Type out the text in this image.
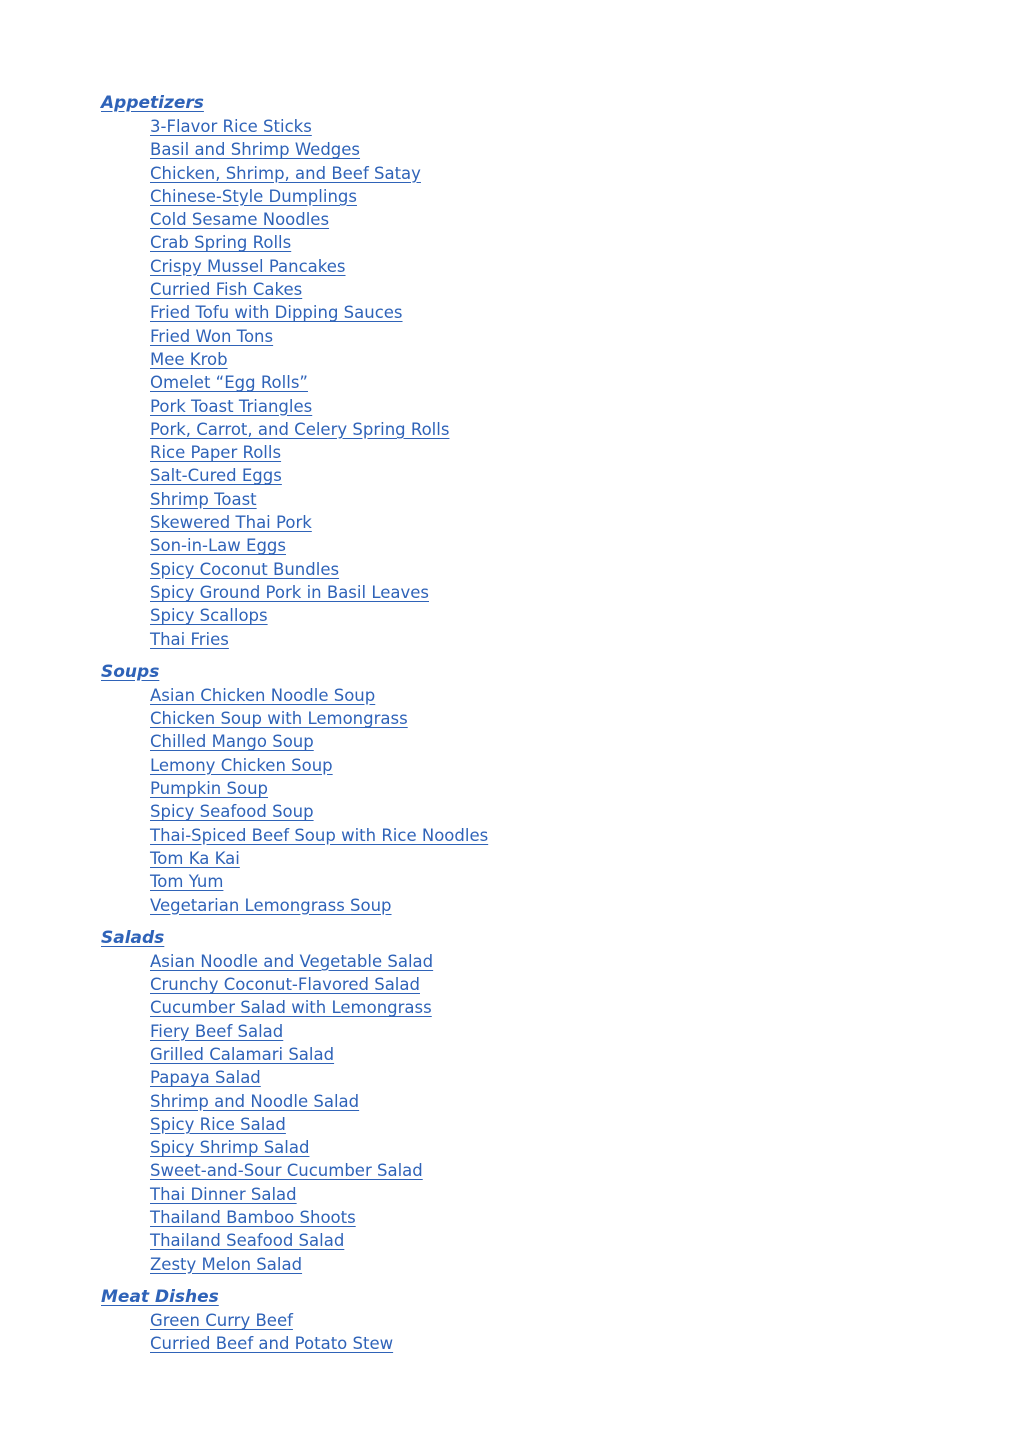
Appetizers
3-Flavor Rice Sticks
Basil and Shrimp Wedges
Chicken, Shrimp, and Beef Satay
Chinese-Style Dumplings
Cold Sesame Noodles
Crab Spring Rolls
Crispy Mussel Pancakes
Curried Fish Cakes
Fried Tofu with Dipping Sauces
Fried Won Tons
Mee Krob
Omelet “Egg Rolls”
Pork Toast Triangles
Pork, Carrot, and Celery Spring Rolls
Rice Paper Rolls
Salt-Cured Eggs
Shrimp Toast
Skewered Thai Pork
Son-in-Law Eggs
Spicy Coconut Bundles
Spicy Ground Pork in Basil Leaves
Spicy Scallops
Thai Fries
Soups
Asian Chicken Noodle Soup
Chicken Soup with Lemongrass
Chilled Mango Soup
Lemony Chicken Soup
Pumpkin Soup
Spicy Seafood Soup
Thai-Spiced Beef Soup with Rice Noodles
Tom Ka Kai
Tom Yum
Vegetarian Lemongrass Soup
Salads
Asian Noodle and Vegetable Salad
Crunchy Coconut-Flavored Salad
Cucumber Salad with Lemongrass
Fiery Beef Salad
Grilled Calamari Salad
Papaya Salad
Shrimp and Noodle Salad
Spicy Rice Salad
Spicy Shrimp Salad
Sweet-and-Sour Cucumber Salad
Thai Dinner Salad
Thailand Bamboo Shoots
Thailand Seafood Salad
Zesty Melon Salad
Meat Dishes
Green Curry Beef
Curried Beef and Potato Stew
